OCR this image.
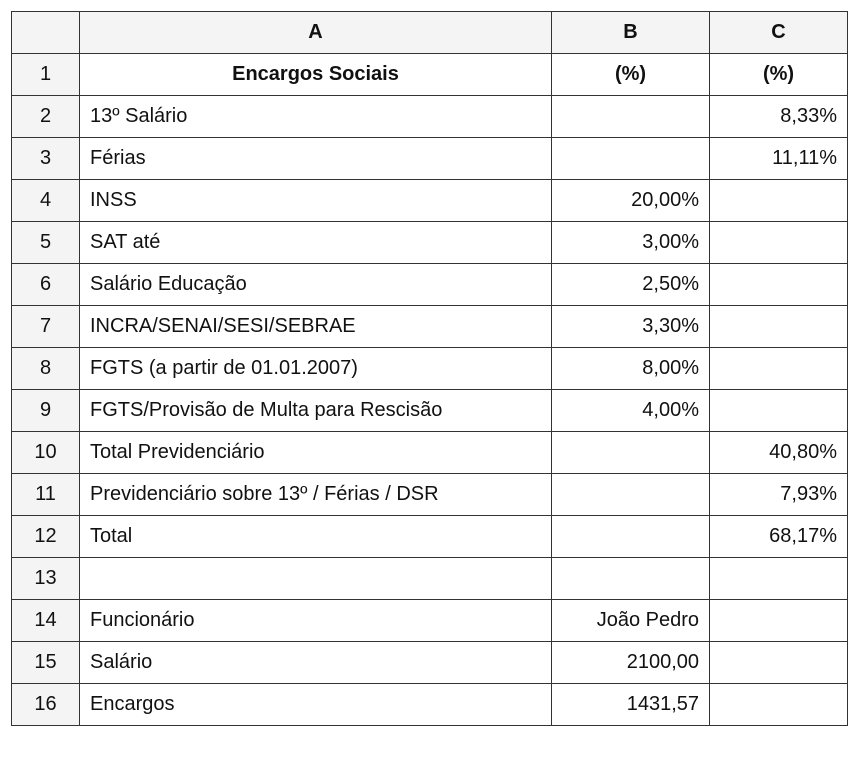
	A	B	C
1	Encargos Sociais	(%)	(%)
2	13º Salário		8,33%
3	Férias		11,11%
4	INSS	20,00%	
5	SAT até	3,00%	
6	Salário Educação	2,50%	
7	INCRA/SENAI/SESI/SEBRAE	3,30%	
8	FGTS (a partir de 01.01.2007)	8,00%	
9	FGTS/Provisão de Multa para Rescisão	4,00%	
10	Total Previdenciário		40,80%
11	Previdenciário sobre 13º / Férias / DSR		7,93%
12	Total		68,17%
13			
14	Funcionário	João Pedro	
15	Salário	2100,00	
16	Encargos	1431,57	
